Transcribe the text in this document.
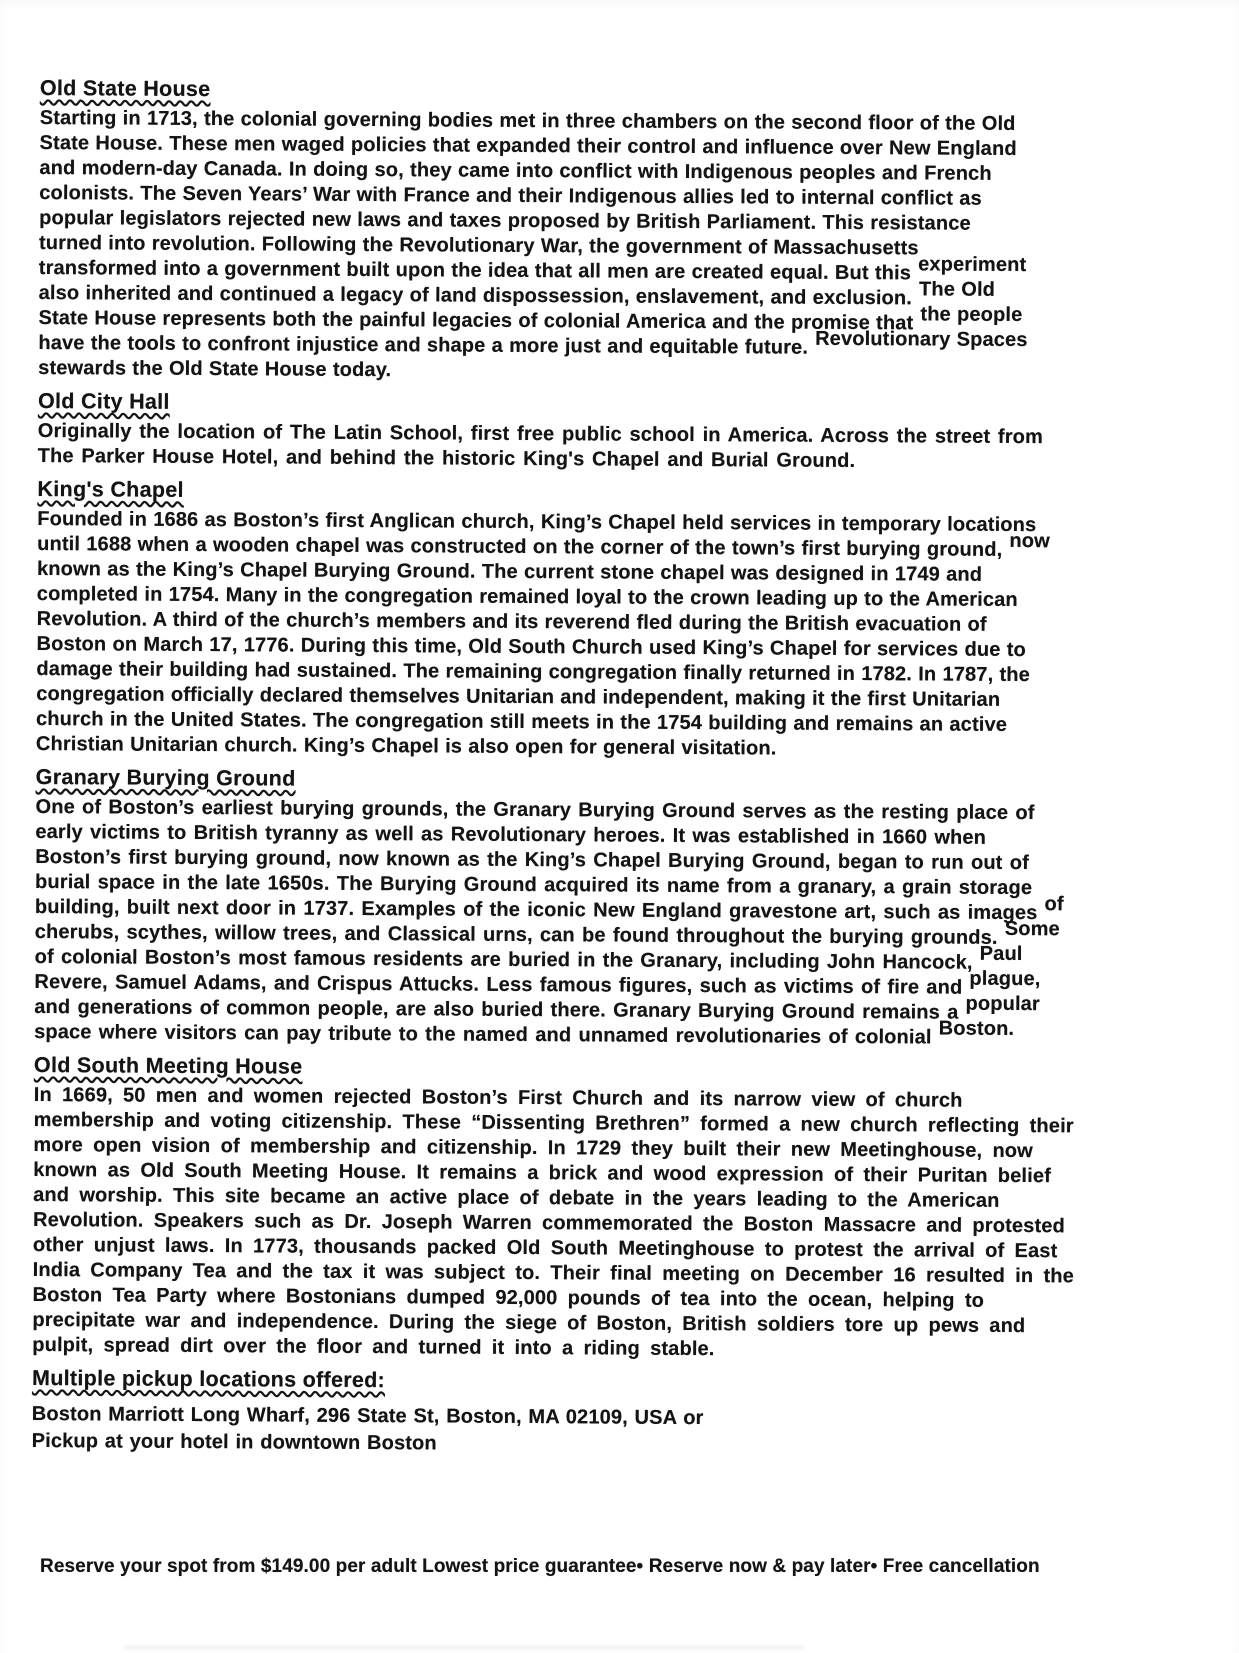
Old State House
Starting in 1713, the colonial governing bodies met in three chambers on the second floor of the Old
State House. These men waged policies that expanded their control and influence over New England
and modern-day Canada. In doing so, they came into conflict with Indigenous peoples and French
colonists. The Seven Years’ War with France and their Indigenous allies led to internal conflict as
popular legislators rejected new laws and taxes proposed by British Parliament. This resistance
turned into revolution. Following the Revolutionary War, the government of Massachusetts
transformed into a government built upon the idea that all men are created equal. But this experiment
also inherited and continued a legacy of land dispossession, enslavement, and exclusion. The Old
State House represents both the painful legacies of colonial America and the promise that the people
have the tools to confront injustice and shape a more just and equitable future. Revolutionary Spaces
stewards the Old State House today.
Old City Hall
Originally the location of The Latin School, first free public school in America. Across the street from
The Parker House Hotel, and behind the historic King's Chapel and Burial Ground.
King's Chapel
Founded in 1686 as Boston’s first Anglican church, King’s Chapel held services in temporary locations
until 1688 when a wooden chapel was constructed on the corner of the town’s first burying ground, now
known as the King’s Chapel Burying Ground. The current stone chapel was designed in 1749 and
completed in 1754. Many in the congregation remained loyal to the crown leading up to the American
Revolution. A third of the church’s members and its reverend fled during the British evacuation of
Boston on March 17, 1776. During this time, Old South Church used King’s Chapel for services due to
damage their building had sustained. The remaining congregation finally returned in 1782. In 1787, the
congregation officially declared themselves Unitarian and independent, making it the first Unitarian
church in the United States. The congregation still meets in the 1754 building and remains an active
Christian Unitarian church. King’s Chapel is also open for general visitation.
Granary Burying Ground
One of Boston’s earliest burying grounds, the Granary Burying Ground serves as the resting place of
early victims to British tyranny as well as Revolutionary heroes. It was established in 1660 when
Boston’s first burying ground, now known as the King’s Chapel Burying Ground, began to run out of
burial space in the late 1650s. The Burying Ground acquired its name from a granary, a grain storage
building, built next door in 1737. Examples of the iconic New England gravestone art, such as images of
cherubs, scythes, willow trees, and Classical urns, can be found throughout the burying grounds. Some
of colonial Boston’s most famous residents are buried in the Granary, including John Hancock, Paul
Revere, Samuel Adams, and Crispus Attucks. Less famous figures, such as victims of fire and plague,
and generations of common people, are also buried there. Granary Burying Ground remains a popular
space where visitors can pay tribute to the named and unnamed revolutionaries of colonial Boston.
Old South Meeting House
In 1669, 50 men and women rejected Boston’s First Church and its narrow view of church
membership and voting citizenship. These “Dissenting Brethren” formed a new church reflecting their
more open vision of membership and citizenship. In 1729 they built their new Meetinghouse, now
known as Old South Meeting House. It remains a brick and wood expression of their Puritan belief
and worship. This site became an active place of debate in the years leading to the American
Revolution. Speakers such as Dr. Joseph Warren commemorated the Boston Massacre and protested
other unjust laws. In 1773, thousands packed Old South Meetinghouse to protest the arrival of East
India Company Tea and the tax it was subject to. Their final meeting on December 16 resulted in the
Boston Tea Party where Bostonians dumped 92,000 pounds of tea into the ocean, helping to
precipitate war and independence. During the siege of Boston, British soldiers tore up pews and
pulpit, spread dirt over the floor and turned it into a riding stable.
Multiple pickup locations offered:
Boston Marriott Long Wharf, 296 State St, Boston, MA 02109, USA or
Pickup at your hotel in downtown Boston
Reserve your spot from $149.00 per adult Lowest price guarantee• Reserve now & pay later• Free cancellation
